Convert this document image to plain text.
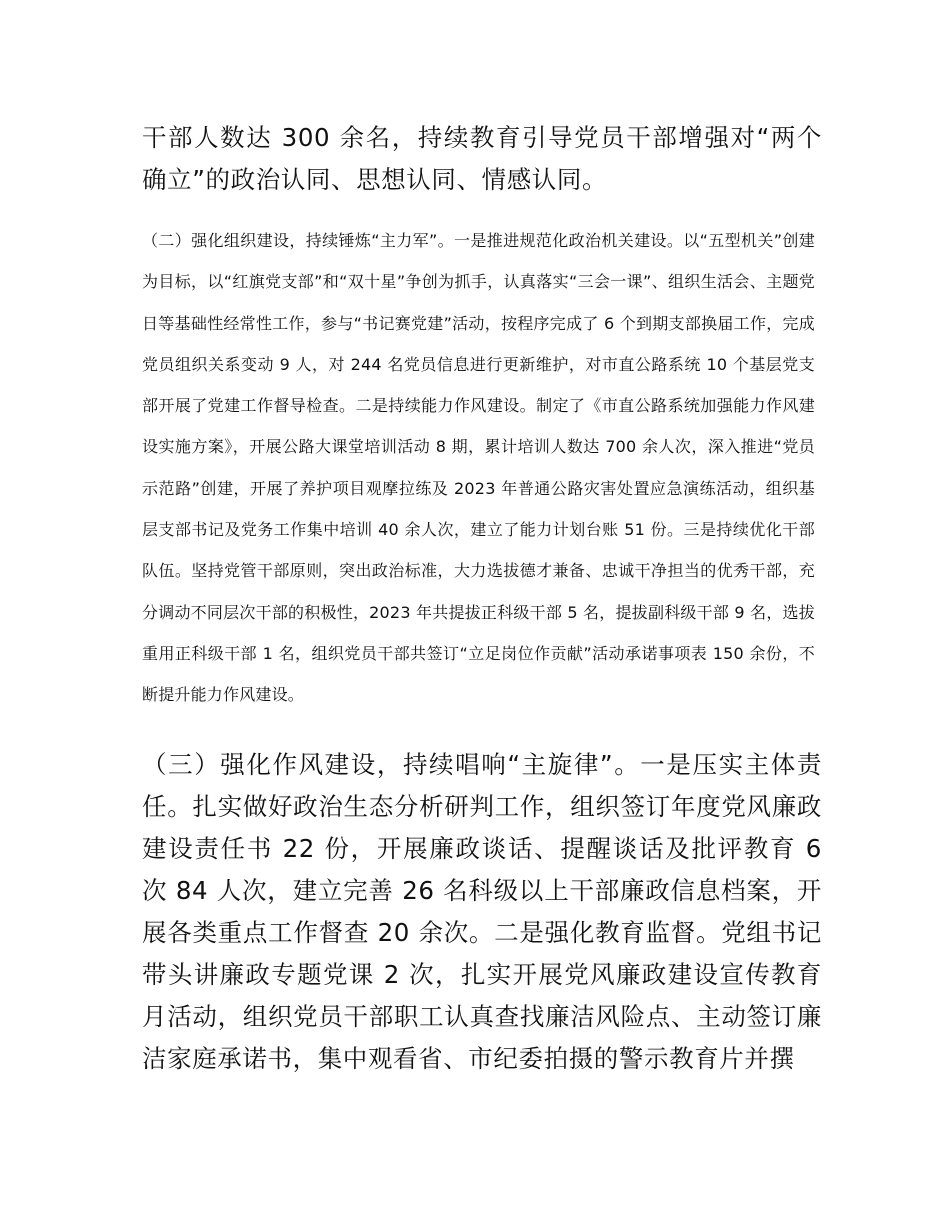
干部人数达 300 余名，持续教育引导党员干部增强对“两个确立”的政治认同、思想认同、情感认同。

（二）强化组织建设，持续锤炼“主力军”。一是推进规范化政治机关建设。以“五型机关”创建为目标，以“红旗党支部”和“双十星”争创为抓手，认真落实“三会一课”、组织生活会、主题党日等基础性经常性工作，参与“书记赛党建”活动，按程序完成了 6 个到期支部换届工作，完成党员组织关系变动 9 人，对 244 名党员信息进行更新维护，对市直公路系统 10 个基层党支部开展了党建工作督导检查。二是持续能力作风建设。制定了《市直公路系统加强能力作风建设实施方案》，开展公路大课堂培训活动 8 期，累计培训人数达 700 余人次，深入推进“党员示范路”创建，开展了养护项目观摩拉练及 2023 年普通公路灾害处置应急演练活动，组织基层支部书记及党务工作集中培训 40 余人次，建立了能力计划台账 51 份。三是持续优化干部队伍。坚持党管干部原则，突出政治标准，大力选拔德才兼备、忠诚干净担当的优秀干部，充分调动不同层次干部的积极性，2023 年共提拔正科级干部 5 名，提拔副科级干部 9 名，选拔重用正科级干部 1 名，组织党员干部共签订“立足岗位作贡献”活动承诺事项表 150 余份，不断提升能力作风建设。

（三）强化作风建设，持续唱响“主旋律”。一是压实主体责任。扎实做好政治生态分析研判工作，组织签订年度党风廉政建设责任书 22 份，开展廉政谈话、提醒谈话及批评教育 6 次 84 人次，建立完善 26 名科级以上干部廉政信息档案，开展各类重点工作督查 20 余次。二是强化教育监督。党组书记带头讲廉政专题党课 2 次，扎实开展党风廉政建设宣传教育月活动，组织党员干部职工认真查找廉洁风险点、主动签订廉洁家庭承诺书，集中观看省、市纪委拍摄的警示教育片并撰
